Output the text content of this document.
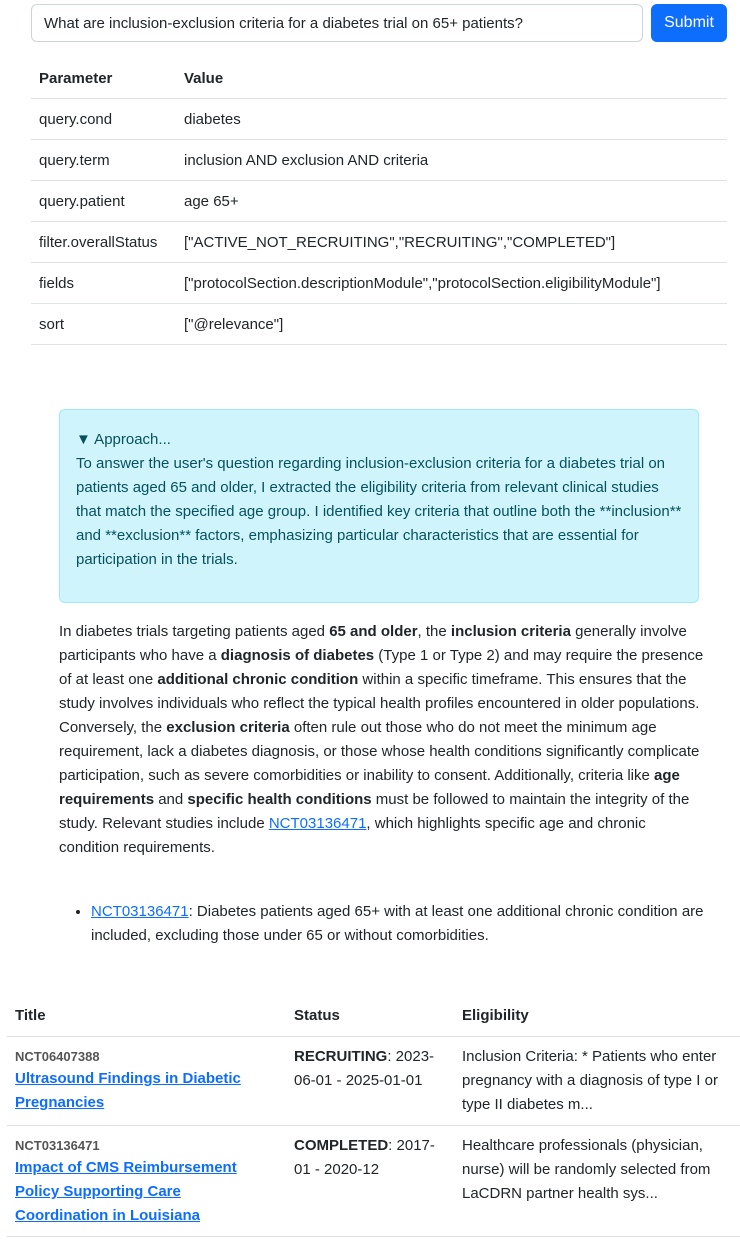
What are inclusion-exclusion criteria for a diabetes trial on 65+ patients?
Submit
Parameter	Value
query.cond	diabetes
query.term	inclusion AND exclusion AND criteria
query.patient	age 65+
filter.overallStatus	["ACTIVE_NOT_RECRUITING","RECRUITING","COMPLETED"]
fields	["protocolSection.descriptionModule","protocolSection.eligibilityModule"]
sort	["@relevance"]
▼ Approach...

To answer the user's question regarding inclusion-exclusion criteria for a diabetes trial on patients aged 65 and older, I extracted the eligibility criteria from relevant clinical studies that match the specified age group. I identified key criteria that outline both the **inclusion** and **exclusion** factors, emphasizing particular characteristics that are essential for participation in the trials.

In diabetes trials targeting patients aged 65 and older, the inclusion criteria generally involve participants who have a diagnosis of diabetes (Type 1 or Type 2) and may require the presence of at least one additional chronic condition within a specific timeframe. This ensures that the study involves individuals who reflect the typical health profiles encountered in older populations. Conversely, the exclusion criteria often rule out those who do not meet the minimum age requirement, lack a diabetes diagnosis, or those whose health conditions significantly complicate participation, such as severe comorbidities or inability to consent. Additionally, criteria like age requirements and specific health conditions must be followed to maintain the integrity of the study. Relevant studies include NCT03136471, which highlights specific age and chronic condition requirements.

• NCT03136471: Diabetes patients aged 65+ with at least one additional chronic condition are included, excluding those under 65 or without comorbidities.
Title	Status	Eligibility

NCT06407388
Ultrasound Findings in Diabetic Pregnancies	RECRUITING: 2023-06-01 - 2025-01-01	Inclusion Criteria: * Patients who enter pregnancy with a diagnosis of type I or type II diabetes m...

NCT03136471
Impact of CMS Reimbursement Policy Supporting Care Coordination in Louisiana	COMPLETED: 2017-01 - 2020-12	Healthcare professionals (physician, nurse) will be randomly selected from LaCDRN partner health sys...
